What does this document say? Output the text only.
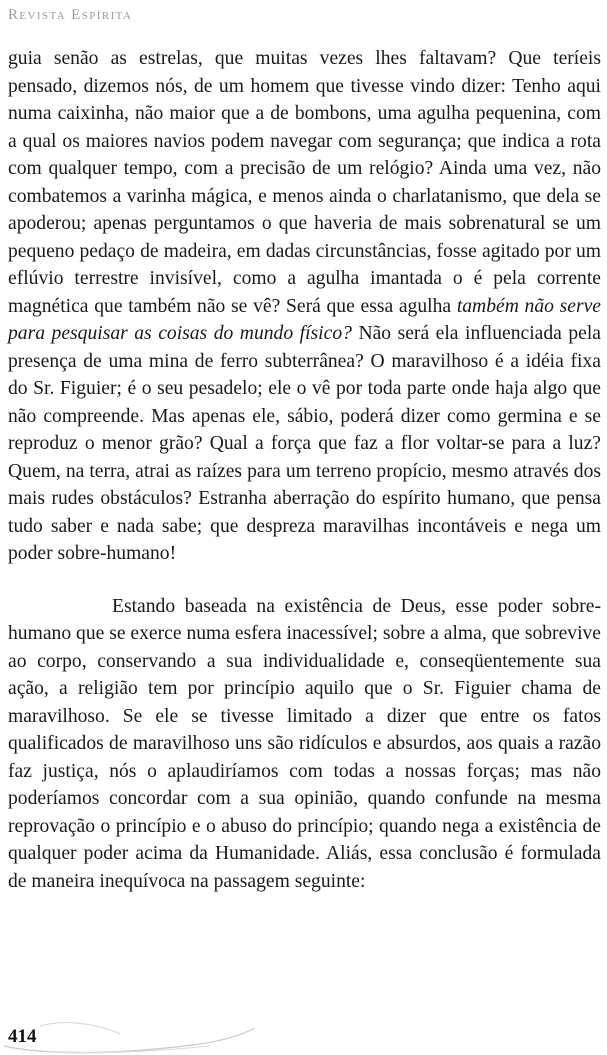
Revista Espírita

guia senão as estrelas, que muitas vezes lhes faltavam? Que teríeis pensado, dizemos nós, de um homem que tivesse vindo dizer: Tenho aqui numa caixinha, não maior que a de bombons, uma agulha pequenina, com a qual os maiores navios podem navegar com segurança; que indica a rota com qualquer tempo, com a precisão de um relógio? Ainda uma vez, não combatemos a varinha mágica, e menos ainda o charlatanismo, que dela se apoderou; apenas perguntamos o que haveria de mais sobrenatural se um pequeno pedaço de madeira, em dadas circunstâncias, fosse agitado por um eflúvio terrestre invisível, como a agulha imantada o é pela corrente magnética que também não se vê? Será que essa agulha também não serve para pesquisar as coisas do mundo físico? Não será ela influenciada pela presença de uma mina de ferro subterrânea? O maravilhoso é a idéia fixa do Sr. Figuier; é o seu pesadelo; ele o vê por toda parte onde haja algo que não compreende. Mas apenas ele, sábio, poderá dizer como germina e se reproduz o menor grão? Qual a força que faz a flor voltar-se para a luz? Quem, na terra, atrai as raízes para um terreno propício, mesmo através dos mais rudes obstáculos? Estranha aberração do espírito humano, que pensa tudo saber e nada sabe; que despreza maravilhas incontáveis e nega um poder sobre-humano!

Estando baseada na existência de Deus, esse poder sobre-humano que se exerce numa esfera inacessível; sobre a alma, que sobrevive ao corpo, conservando a sua individualidade e, conseqüentemente sua ação, a religião tem por princípio aquilo que o Sr. Figuier chama de maravilhoso. Se ele se tivesse limitado a dizer que entre os fatos qualificados de maravilhoso uns são ridículos e absurdos, aos quais a razão faz justiça, nós o aplaudiríamos com todas a nossas forças; mas não poderíamos concordar com a sua opinião, quando confunde na mesma reprovação o princípio e o abuso do princípio; quando nega a existência de qualquer poder acima da Humanidade. Aliás, essa conclusão é formulada de maneira inequívoca na passagem seguinte:

414
